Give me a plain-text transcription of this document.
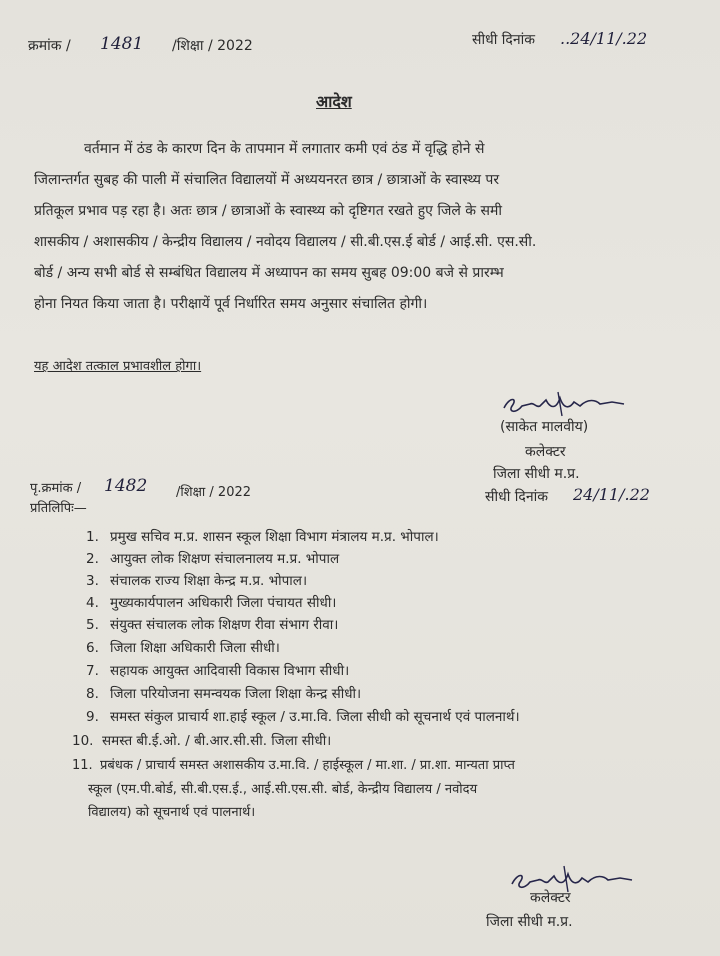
क्रमांक / 1481 /शिक्षा / 2022	सीधी दिनांक ..24/11/.22
आदेश
वर्तमान में ठंड के कारण दिन के तापमान में लगातार कमी एवं ठंड में वृद्धि होने से
जिलान्तर्गत सुबह की पाली में संचालित विद्यालयों में अध्ययनरत छात्र / छात्राओं के स्वास्थ्य पर
प्रतिकूल प्रभाव पड़ रहा है। अतः छात्र / छात्राओं के स्वास्थ्य को दृष्टिगत रखते हुए जिले के समी
शासकीय / अशासकीय / केन्द्रीय विद्यालय / नवोदय विद्यालय / सी.बी.एस.ई बोर्ड / आई.सी. एस.सी.
बोर्ड / अन्य सभी बोर्ड से सम्बंधित विद्यालय में अध्यापन का समय सुबह 09:00 बजे से प्रारम्भ
होना नियत किया जाता है। परीक्षायें पूर्व निर्धारित समय अनुसार संचालित होगी।
यह आदेश तत्काल प्रभावशील होगा।
(साकेत मालवीय)
कलेक्टर
जिला सीधी म.प्र.
सीधी दिनांक 24/11/.22
पृ.क्रमांक / 1482 /शिक्षा / 2022
प्रतिलिपिः—
1. प्रमुख सचिव म.प्र. शासन स्कूल शिक्षा विभाग मंत्रालय म.प्र. भोपाल।
2. आयुक्त लोक शिक्षण संचालनालय म.प्र. भोपाल
3. संचालक राज्य शिक्षा केन्द्र म.प्र. भोपाल।
4. मुख्यकार्यपालन अधिकारी जिला पंचायत सीधी।
5. संयुक्त संचालक लोक शिक्षण रीवा संभाग रीवा।
6. जिला शिक्षा अधिकारी जिला सीधी।
7. सहायक आयुक्त आदिवासी विकास विभाग सीधी।
8. जिला परियोजना समन्वयक जिला शिक्षा केन्द्र सीधी।
9. समस्त संकुल प्राचार्य शा.हाई स्कूल / उ.मा.वि. जिला सीधी को सूचनार्थ एवं पालनार्थ।
10. समस्त बी.ई.ओ. / बी.आर.सी.सी. जिला सीधी।
11. प्रबंधक / प्राचार्य समस्त अशासकीय उ.मा.वि. / हाईस्कूल / मा.शा. / प्रा.शा. मान्यता प्राप्त
स्कूल (एम.पी.बोर्ड, सी.बी.एस.ई., आई.सी.एस.सी. बोर्ड, केन्द्रीय विद्यालय / नवोदय
विद्यालय) को सूचनार्थ एवं पालनार्थ।
कलेक्टर
जिला सीधी म.प्र.
